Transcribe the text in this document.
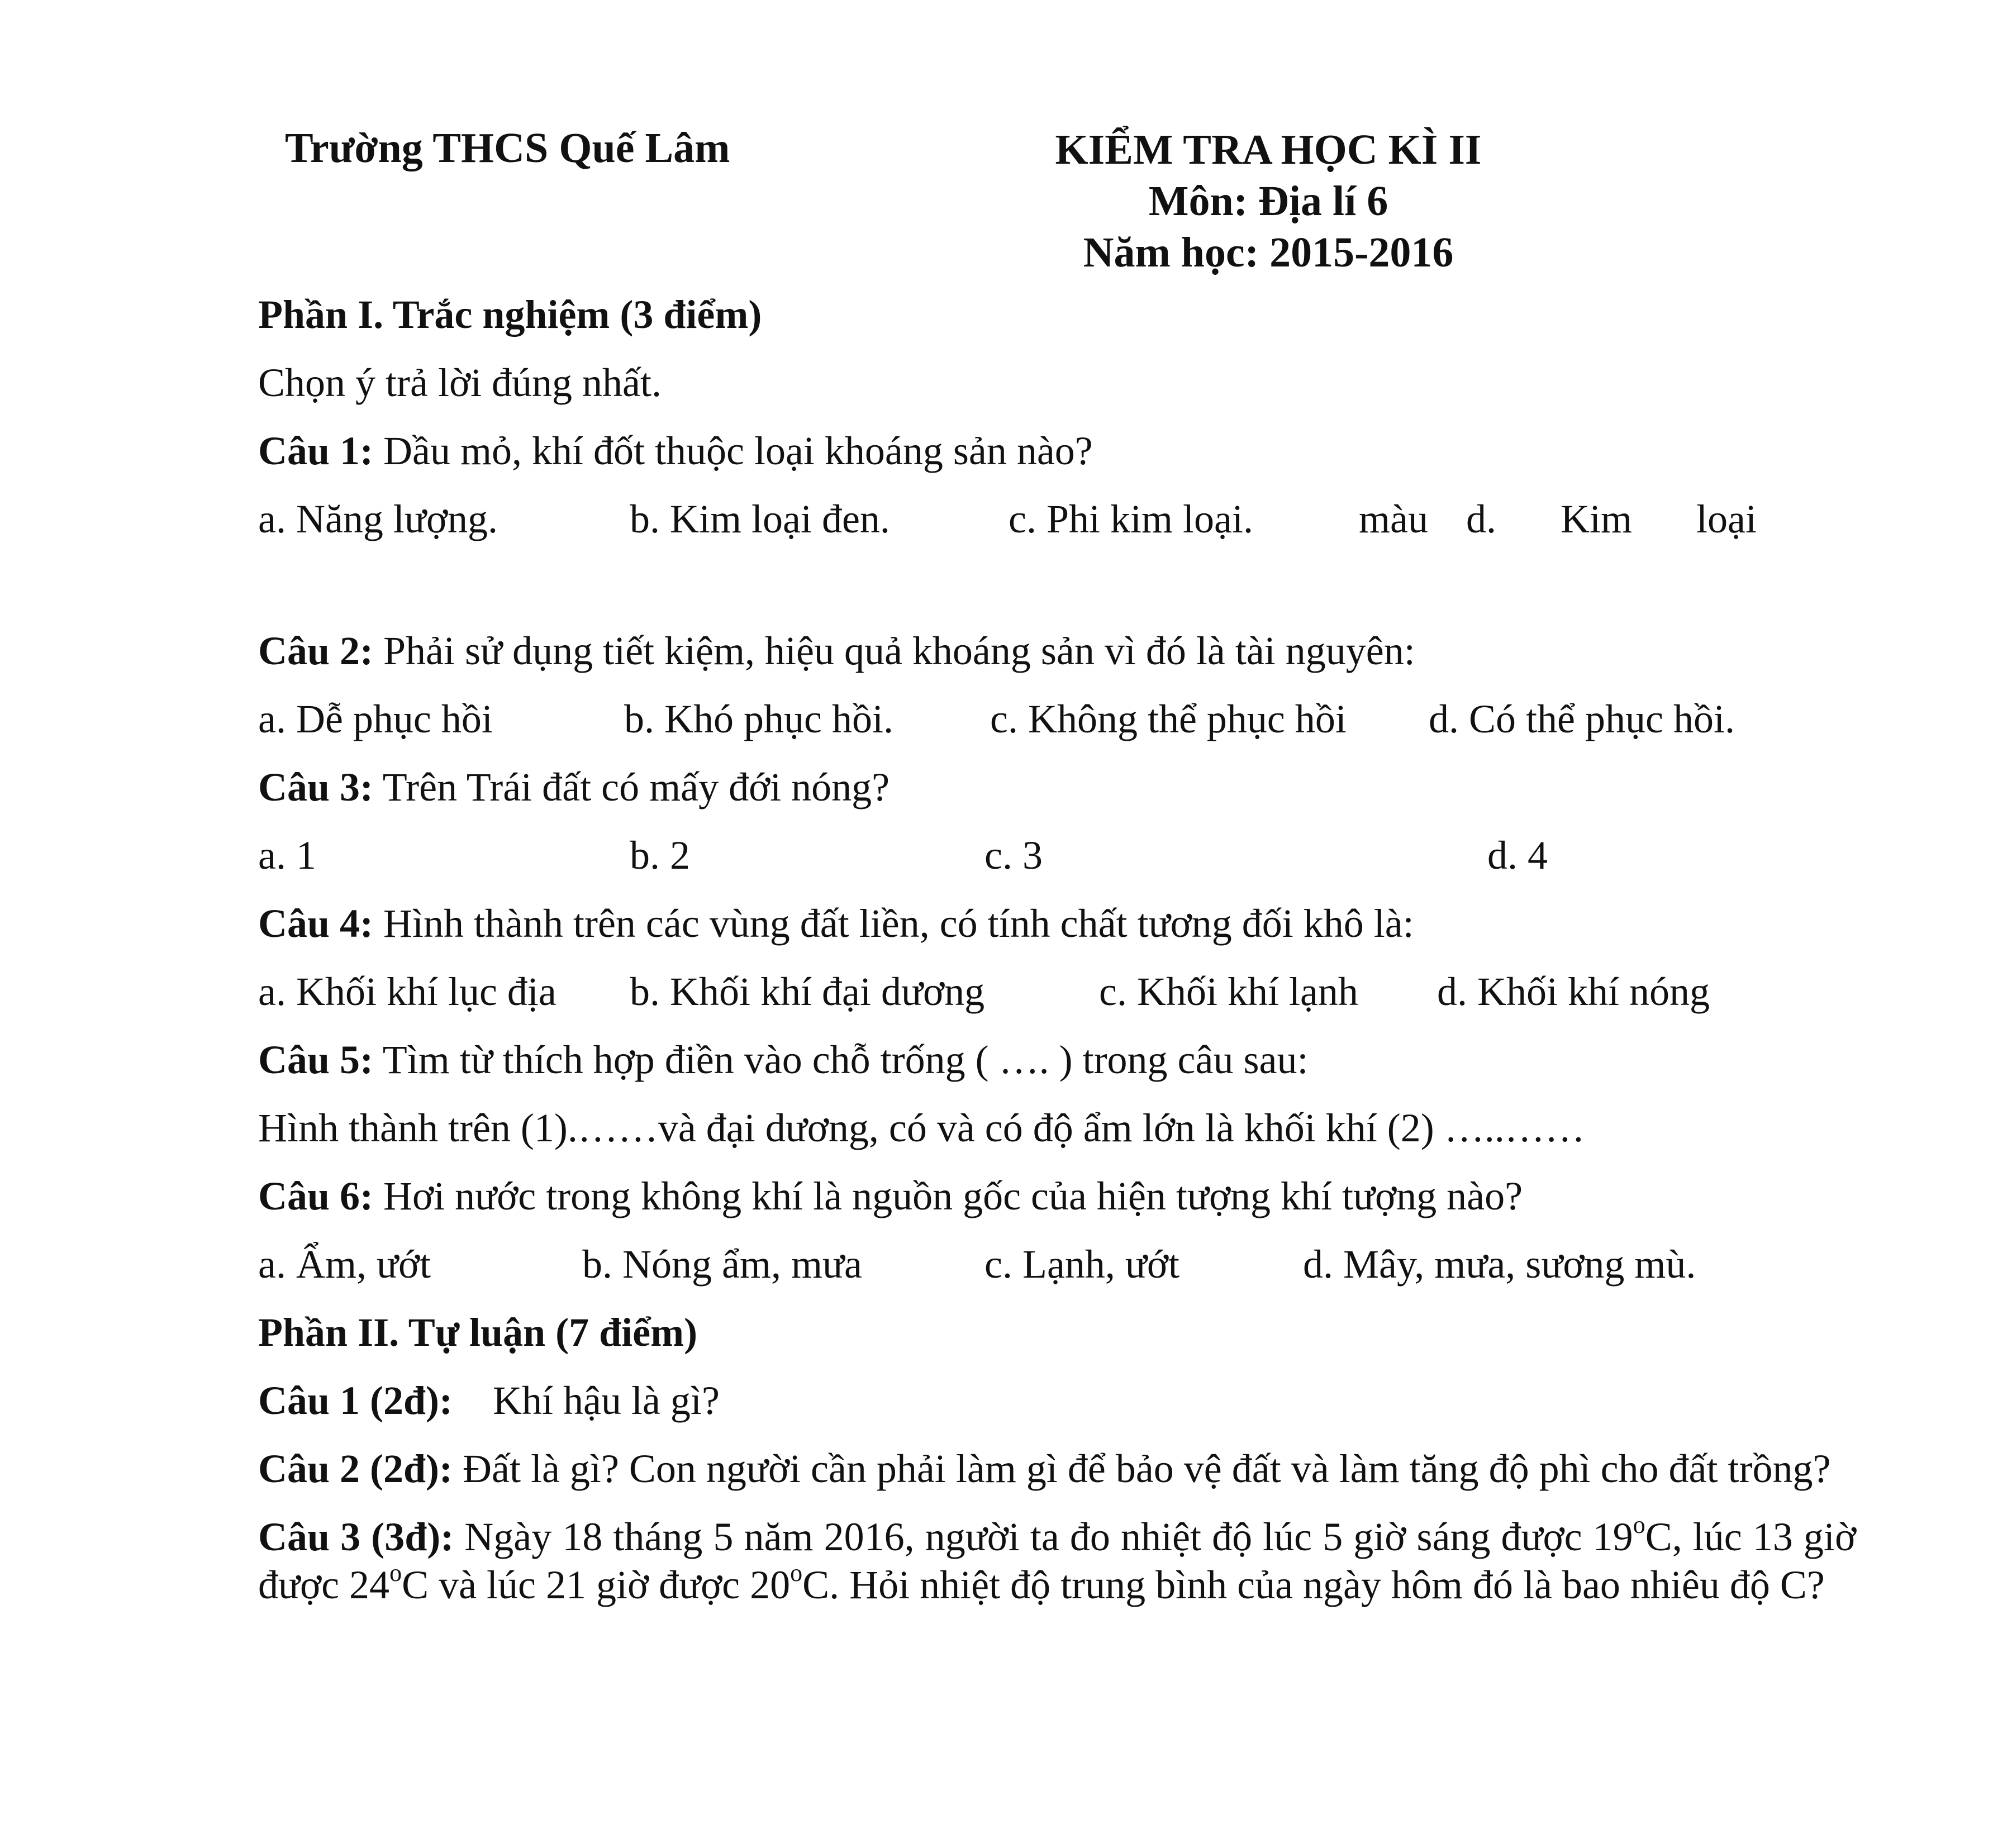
Trường THCS Quế Lâm	KIỂM TRA HỌC KÌ II
Môn: Địa lí 6
Năm học: 2015-2016
Phần I. Trắc nghiệm (3 điểm)
Chọn ý trả lời đúng nhất.
Câu 1: Dầu mỏ, khí đốt thuộc loại khoáng sản nào?
a. Năng lượng.	b. Kim loại đen.	c. Phi kim loại.	d. Kim loại
màu
Câu 2: Phải sử dụng tiết kiệm, hiệu quả khoáng sản vì đó là tài nguyên:
a. Dễ phục hồi	b. Khó phục hồi. c. Không thể phục hồi d. Có thể phục hồi.
Câu 3: Trên Trái đất có mấy đới nóng?
a. 1	b. 2	c. 3	d. 4
Câu 4: Hình thành trên các vùng đất liền, có tính chất tương đối khô là:
a. Khối khí lục địa b. Khối khí đại dương	c. Khối khí lạnh d. Khối khí nóng
Câu 5: Tìm từ thích hợp điền vào chỗ trống ( …. ) trong câu sau:
Hình thành trên (1).……và đại dương, có và có độ ẩm lớn là khối khí (2) …..……
Câu 6: Hơi nước trong không khí là nguồn gốc của hiện tượng khí tượng nào?
a. Ẩm, ướt	b. Nóng ẩm, mưa	c. Lạnh, ướt	d. Mây, mưa, sương mù.
Phần II. Tự luận (7 điểm)
Câu 1 (2đ):    Khí hậu là gì?
Câu 2 (2đ): Đất là gì? Con người cần phải làm gì để bảo vệ đất và làm tăng độ phì cho đất trồng?
Câu 3 (3đ): Ngày 18 tháng 5 năm 2016, người ta đo nhiệt độ lúc 5 giờ sáng được 19$^o$C, lúc 13 giờ được 24$^o$C và lúc 21 giờ được 20$^o$C. Hỏi nhiệt độ trung bình của ngày hôm đó là bao nhiêu độ C?
